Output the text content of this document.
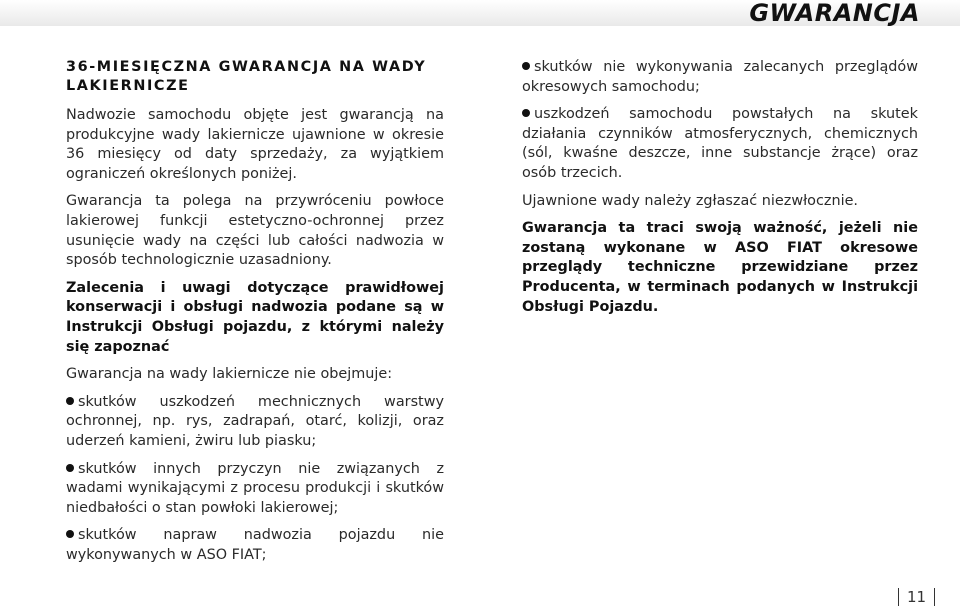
GWARANCJA
36-MIESIĘCZNA GWARANCJA NA WADY
LAKIERNICZE

Nadwozie samochodu objęte jest gwarancją na produkcyjne wady lakiernicze ujawnione w okresie 36 miesięcy od daty sprzedaży, za wyjątkiem ograniczeń określonych poniżej.

Gwarancja ta polega na przywróceniu powłoce lakierowej funkcji estetyczno-ochronnej przez usunięcie wady na części lub całości nadwozia w sposób technologicznie uzasadniony.

Zalecenia i uwagi dotyczące prawidłowej konserwacji i obsługi nadwozia podane są w Instrukcji Obsługi pojazdu, z którymi należy się zapoznać

Gwarancja na wady lakiernicze nie obejmuje:

skutków uszkodzeń mechnicznych warstwy ochronnej, np. rys, zadrapań, otarć, kolizji, oraz uderzeń kamieni, żwiru lub piasku;

skutków innych przyczyn nie związanych z wadami wynikającymi z procesu produkcji i skutków niedbałości o stan powłoki lakierowej;

skutków napraw nadwozia pojazdu nie wykonywanych w ASO FIAT;

skutków nie wykonywania zalecanych przeglądów okresowych samochodu;

uszkodzeń samochodu powstałych na skutek działania czynników atmosferycznych, chemicznych (sól, kwaśne deszcze, inne substancje żrące) oraz osób trzecich.

Ujawnione wady należy zgłaszać niezwłocznie.

Gwarancja ta traci swoją ważność, jeżeli nie zostaną wykonane w ASO FIAT okresowe przeglądy techniczne przewidziane przez Producenta, w terminach podanych w Instrukcji Obsługi Pojazdu.

11
